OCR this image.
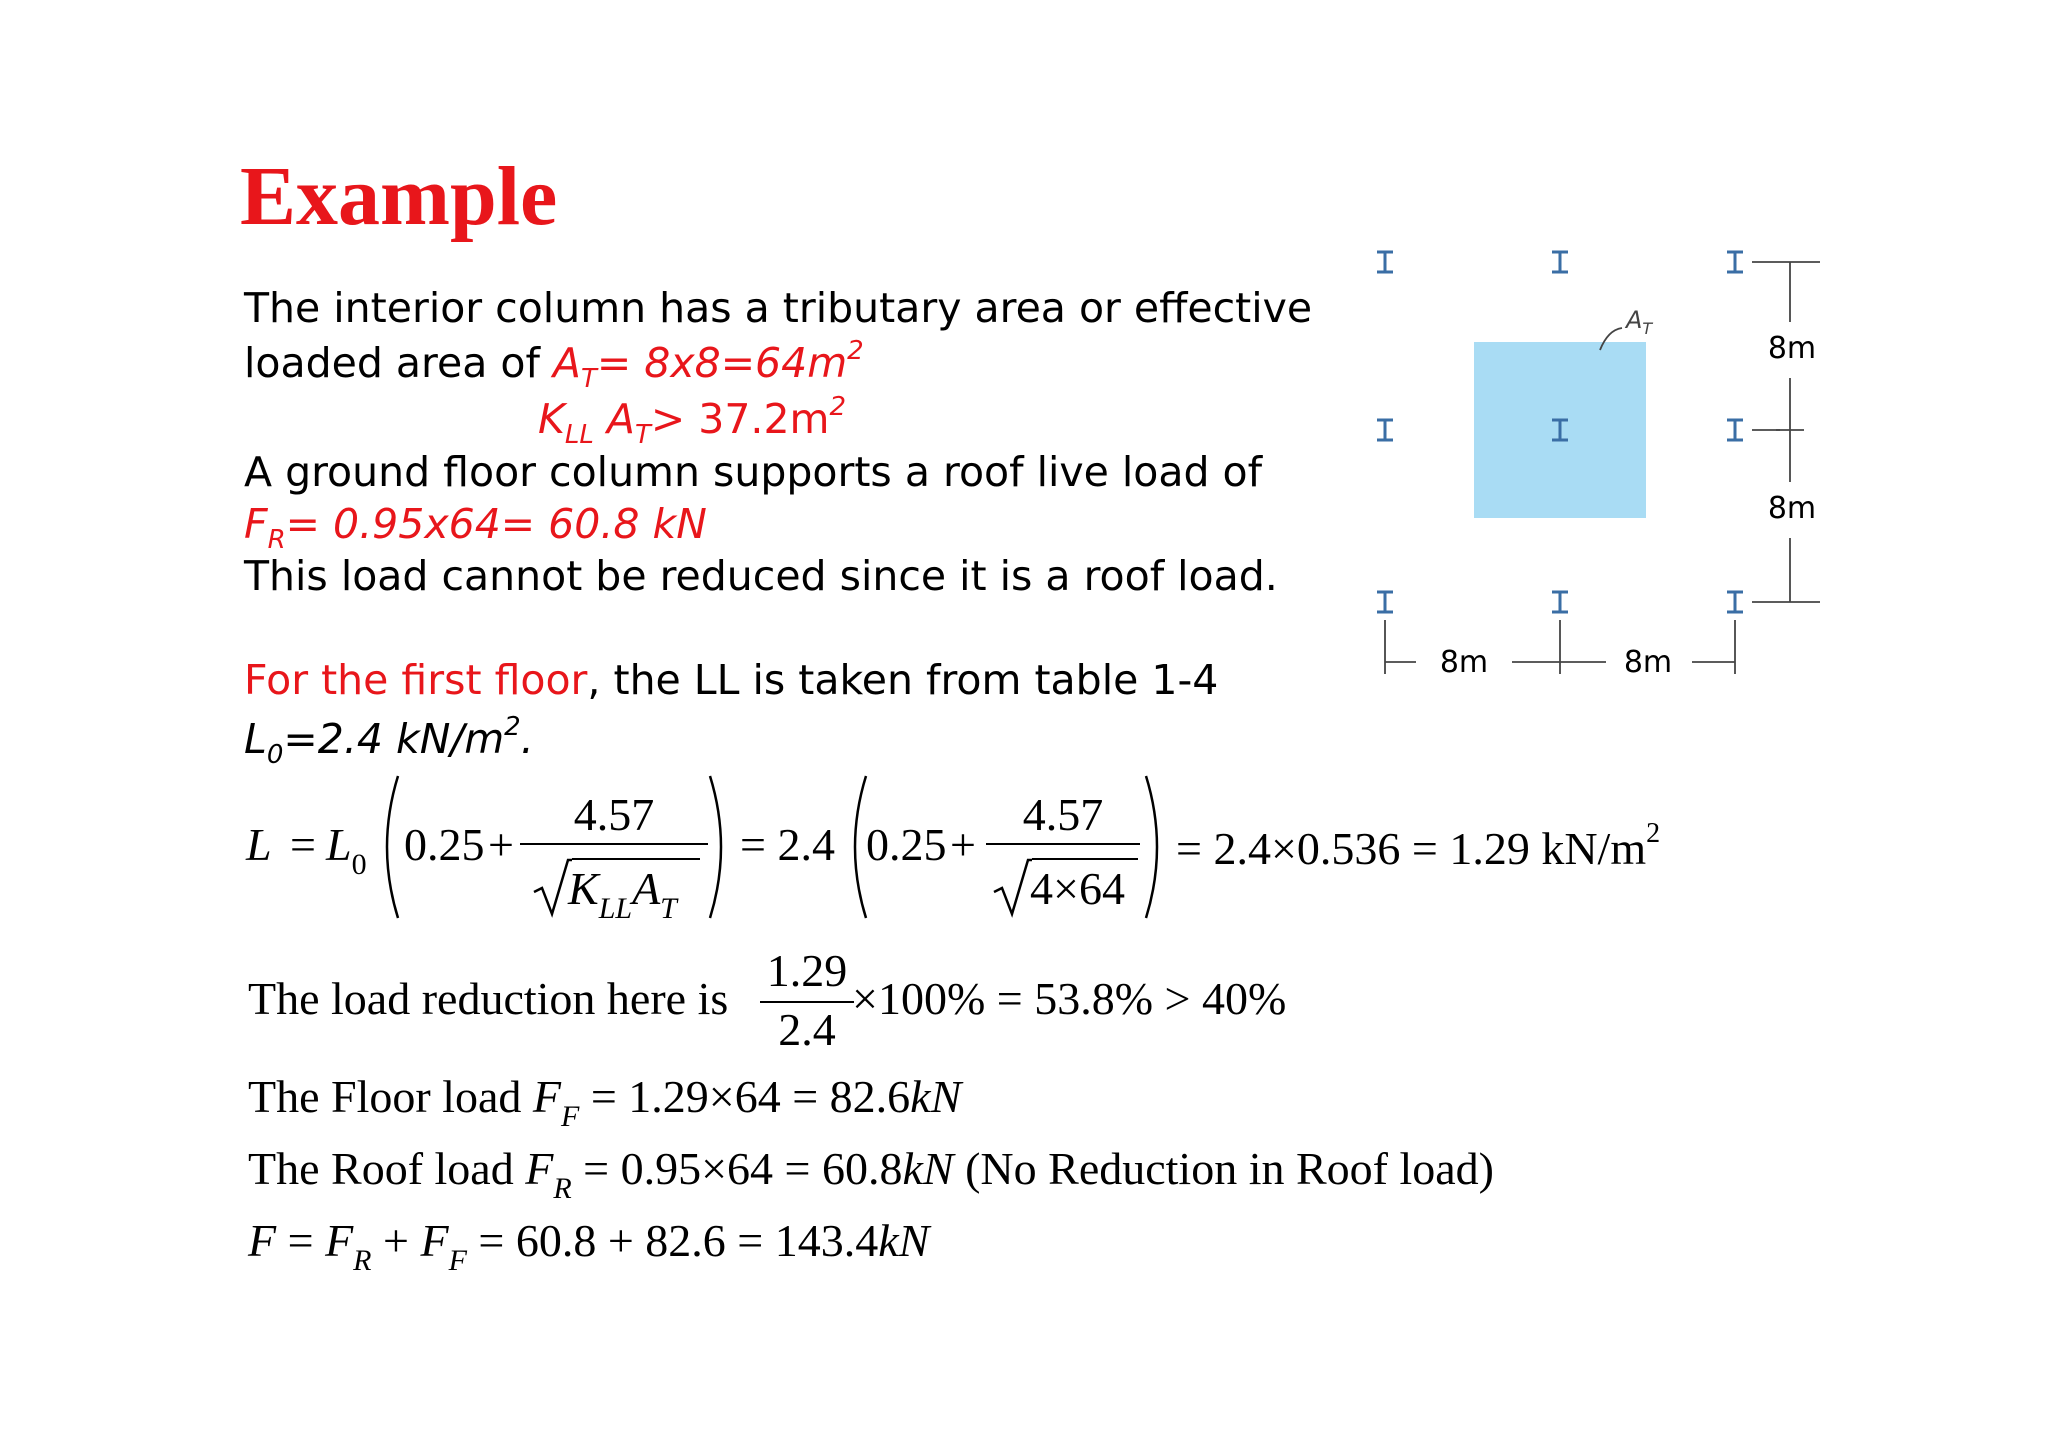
Example
The interior column has a tributary area or effective
loaded area of $A_T= 8x8=64m^2$
$K_{LL}$ $A_T> 37.2m^2$
A ground floor column supports a roof live load of
$F_R= 0.95x64= 60.8$ kN
This load cannot be reduced since it is a roof load.
For the first floor, the LL is taken from table 1-4
$L_0=2.4$ $kN/m^2$.
$L = L_0$ 0.25 +
4.57
$K_{LL}A_T$
= 2.4 0.25 +
4.57
4×64
= 2.4×0.536 = 1.29 $kN/m^2$
The load reduction here is
1.29
2.4
×100% = 53.8% > 40%
The Floor load $F_F = 1.29\times 64 = 82.6kN$
The Roof load $F_R = 0.95\times 64 = 60.8kN$ (No Reduction in Roof load)
$F = F_R + F_F = 60.8 + 82.6 = 143.4kN$
$A_T$
8m
8m
8m	8m
